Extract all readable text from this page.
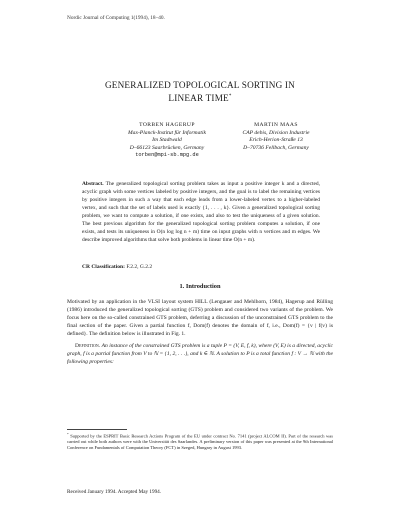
Nordic Journal of Computing 1(1994), 18–40.
GENERALIZED TOPOLOGICAL SORTING IN
LINEAR TIME*
TORBEN HAGERUP
Max-Planck-Institut für Informatik
Im Stadtwald
D–66123 Saarbrücken, Germany
torben@mpi-sb.mpg.de
MARTIN MAAS
CAP debis, Division Industrie
Erich-Herion-Straße 13
D–70736 Fellbach, Germany
Abstract. The generalized topological sorting problem takes as input a positive integer k and a directed, acyclic graph with some vertices labeled by positive integers, and the goal is to label the remaining vertices by positive integers in such a way that each edge leads from a lower-labeled vertex to a higher-labeled vertex, and such that the set of labels used is exactly {1, . . . , k}. Given a generalized topological sorting problem, we want to compute a solution, if one exists, and also to test the uniqueness of a given solution. The best previous algorithm for the generalized topological sorting problem computes a solution, if one exists, and tests its uniqueness in O(n log log n + m) time on input graphs with n vertices and m edges. We describe improved algorithms that solve both problems in linear time O(n + m).
CR Classification: F.2.2, G.2.2
1. Introduction

Motivated by an application in the VLSI layout system HILL (Lengauer and Mehlhorn, 1984), Hagerup and Rülling (1986) introduced the generalized topological sorting (GTS) problem and considered two variants of the problem. We focus here on the so-called constrained GTS problem, deferring a discussion of the unconstrained GTS problem to the final section of the paper. Given a partial function f, Dom(f) denotes the domain of f, i.e., Dom(f) = {v | f(v) is defined}. The definition below is illustrated in Fig. 1.

Definition. An instance of the constrained GTS problem is a tuple P = (V, E, f, k), where (V, E) is a directed, acyclic graph, f is a partial function from V to ℕ = {1, 2, . . .}, and k ∈ ℕ. A solution to P is a total function f : V → ℕ with the following properties:

* Supported by the ESPRIT Basic Research Actions Program of the EU under contract No. 7141 (project ALCOM II). Part of the research was carried out while both authors were with the Universität des Saarlandes. A preliminary version of this paper was presented at the 9th International Conference on Fundamentals of Computation Theory (FCT) in Szeged, Hungary in August 1993.
Received January 1994. Accepted May 1994.
